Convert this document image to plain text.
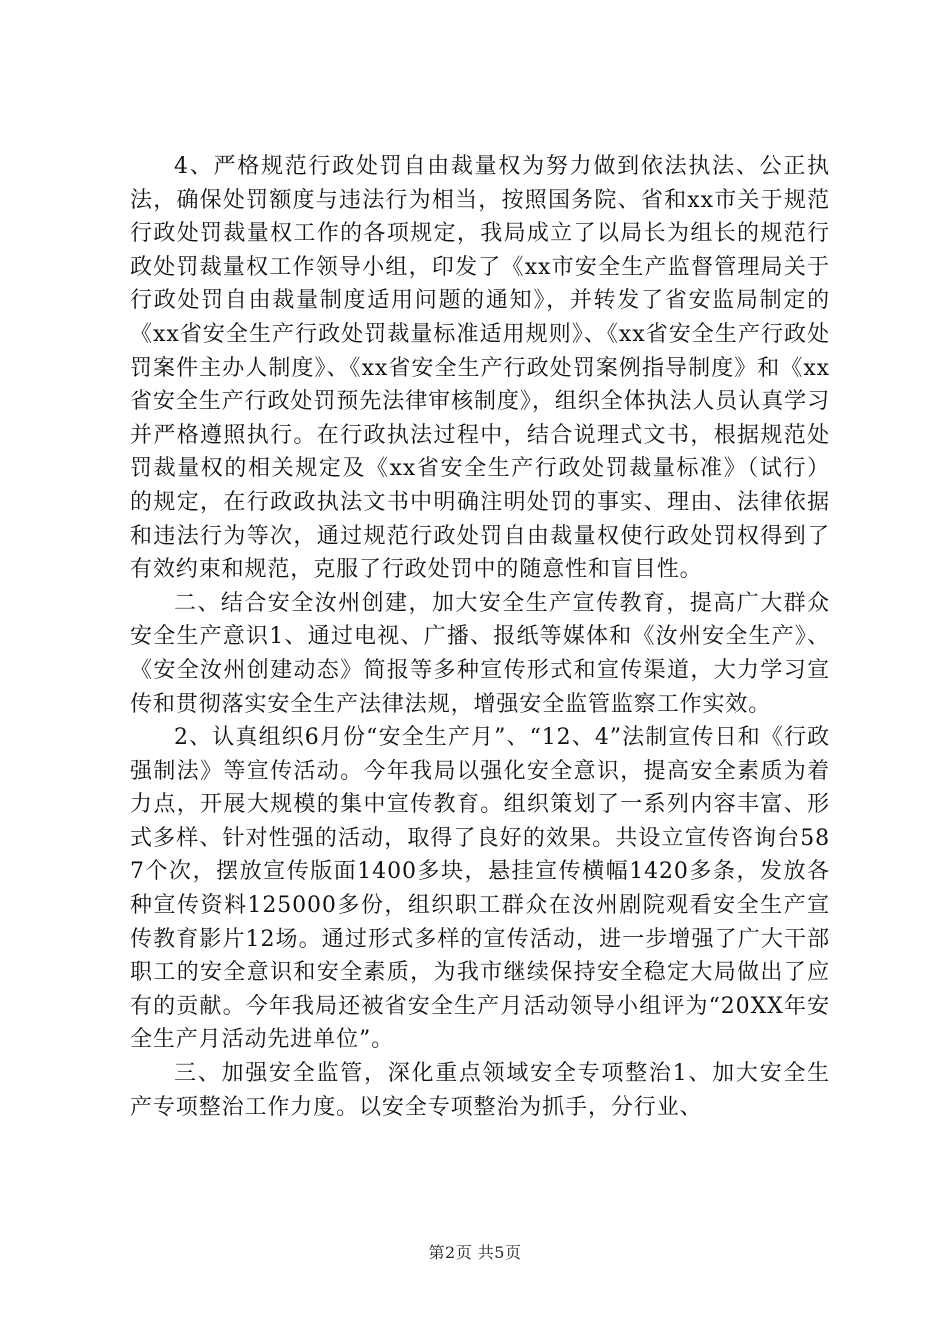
4、严格规范行政处罚自由裁量权为努力做到依法执法、公正执法，确保处罚额度与违法行为相当，按照国务院、省和xx市关于规范行政处罚裁量权工作的各项规定，我局成立了以局长为组长的规范行政处罚裁量权工作领导小组，印发了《xx市安全生产监督管理局关于行政处罚自由裁量制度适用问题的通知》，并转发了省安监局制定的《xx省安全生产行政处罚裁量标准适用规则》、《xx省安全生产行政处罚案件主办人制度》、《xx省安全生产行政处罚案例指导制度》和《xx省安全生产行政处罚预先法律审核制度》，组织全体执法人员认真学习并严格遵照执行。在行政执法过程中，结合说理式文书，根据规范处罚裁量权的相关规定及《xx省安全生产行政处罚裁量标准》（试行）的规定，在行政政执法文书中明确注明处罚的事实、理由、法律依据和违法行为等次，通过规范行政处罚自由裁量权使行政处罚权得到了有效约束和规范，克服了行政处罚中的随意性和盲目性。

二、结合安全汝州创建，加大安全生产宣传教育，提高广大群众安全生产意识1、通过电视、广播、报纸等媒体和《汝州安全生产》、《安全汝州创建动态》简报等多种宣传形式和宣传渠道，大力学习宣传和贯彻落实安全生产法律法规，增强安全监管监察工作实效。

2、认真组织6月份“安全生产月”、“12、4”法制宣传日和《行政强制法》等宣传活动。今年我局以强化安全意识，提高安全素质为着力点，开展大规模的集中宣传教育。组织策划了一系列内容丰富、形式多样、针对性强的活动，取得了良好的效果。共设立宣传咨询台587个次，摆放宣传版面1400多块，悬挂宣传横幅1420多条，发放各种宣传资料125000多份，组织职工群众在汝州剧院观看安全生产宣传教育影片12场。通过形式多样的宣传活动，进一步增强了广大干部职工的安全意识和安全素质，为我市继续保持安全稳定大局做出了应有的贡献。今年我局还被省安全生产月活动领导小组评为“20XX年安全生产月活动先进单位”。

三、加强安全监管，深化重点领域安全专项整治1、加大安全生产专项整治工作力度。以安全专项整治为抓手，分行业、

第2页 共5页
